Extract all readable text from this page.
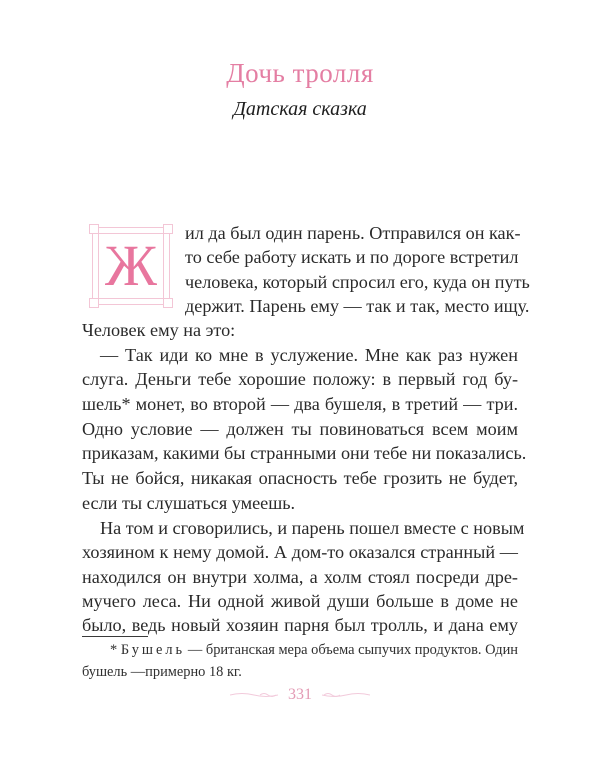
Дочь тролля
Датская сказка
Ж	ил да был один парень. Отправился он как-
то себе работу искать и по дороге встретил
человека, который спросил его, куда он путь
держит. Парень ему — так и так, место ищу.
Человек ему на это:
— Так иди ко мне в услужение. Мне как раз нужен
слуга. Деньги тебе хорошие положу: в первый год бу-
шель* монет, во второй — два бушеля, в третий — три.
Одно условие — должен ты повиноваться всем моим
приказам, какими бы странными они тебе ни показались.
Ты не бойся, никакая опасность тебе грозить не будет,
если ты слушаться умеешь.
На том и сговорились, и парень пошел вместе с новым
хозяином к нему домой. А дом-то оказался странный —
находился он внутри холма, а холм стоял посреди дре-
мучего леса. Ни одной живой души больше в доме не
было, ведь новый хозяин парня был тролль, и дана ему
* Бушель — британская мера объема сыпучих продуктов. Один
бушель —примерно 18 кг.
331
